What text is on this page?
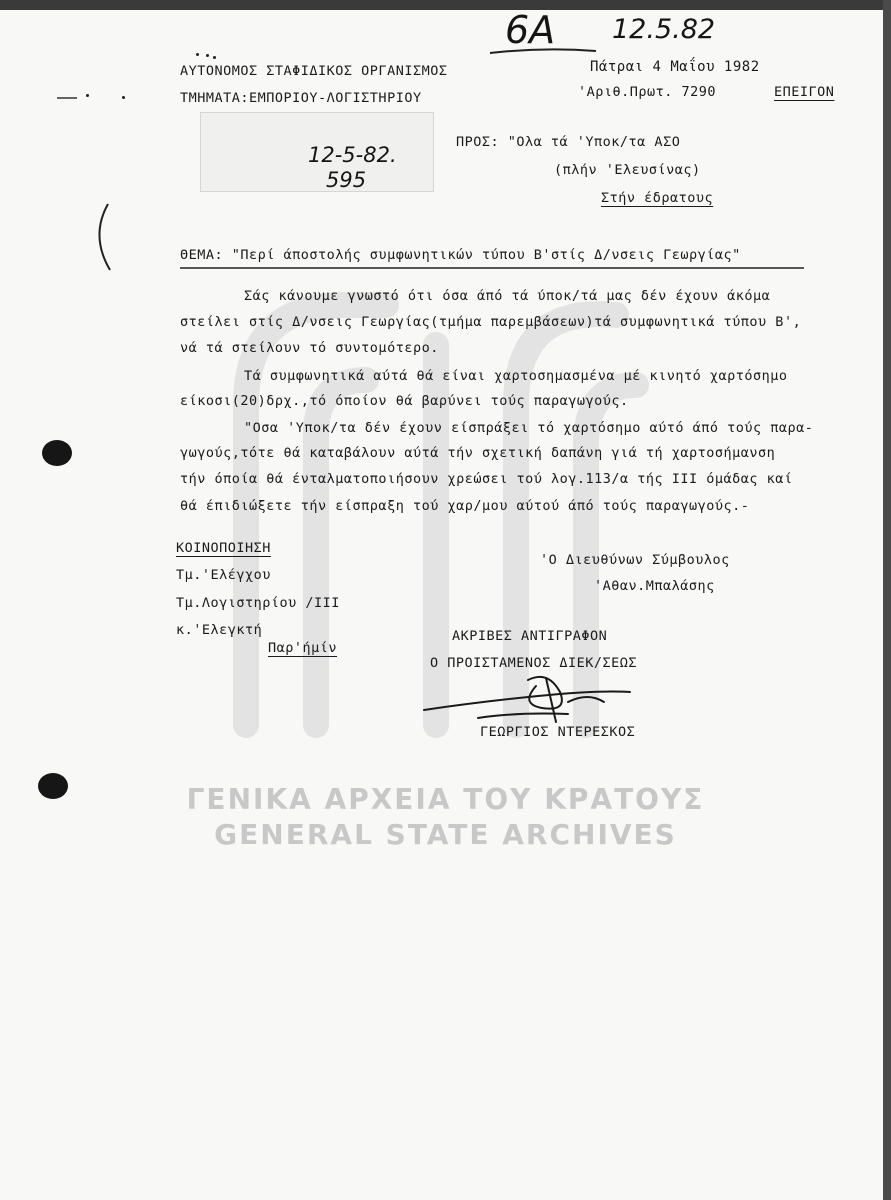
6A 12.5.82
ΑΥΤΟΝΟΜΟΣ ΣΤΑΦΙΔΙΚΟΣ ΟΡΓΑΝΙΣΜΟΣ
ΤΜΗΜΑΤΑ:ΕΜΠΟΡΙΟΥ-ΛΟΓΙΣΤΗΡΙΟΥ
Πάτραι 4 Μαΐου 1982
'Αριθ.Πρωτ. 7290	ΕΠΕΙΓΟΝ
12-5-82.
595
ΠΡΟΣ: "Ολα τά 'Υποκ/τα ΑΣΟ
(πλήν 'Ελευσίνας)
Στήν έδρατους
ΘΕΜΑ: "Περί άποστολής συμφωνητικών τύπου Β'στίς Δ/νσεις Γεωργίας"
Σάς κάνουμε γνωστό ότι όσα άπό τά ύποκ/τά μας δέν έχουν άκόμα
στείλει στίς Δ/νσεις Γεωργίας(τμήμα παρεμβάσεων)τά συμφωνητικά τύπου Β',
νά τά στείλουν τό συντομότερο.
Τά συμφωνητικά αύτά θά είναι χαρτοσημασμένα μέ κινητό χαρτόσημο
είκοσι(20)δρχ.,τό όποίον θά βαρύνει τούς παραγωγούς.
"Οσα 'Υποκ/τα δέν έχουν είσπράξει τό χαρτόσημο αύτό άπό τούς παρα-
γωγούς,τότε θά καταβάλουν αύτά τήν σχετική δαπάνη γιά τή χαρτοσήμανση
τήν όποία θά ένταλματοποιήσουν χρεώσει τού λογ.113/α τής ΙΙΙ όμάδας καί
θά έπιδιώξετε τήν είσπραξη τού χαρ/μου αύτού άπό τούς παραγωγούς.-
ΚΟΙΝΟΠΟΙΗΣΗ
Τμ.'Ελέγχου
Τμ.Λογιστηρίου /ΙΙΙ
κ.'Ελεγκτή
Παρ'ήμίν
'Ο Διευθύνων Σύμβουλος
'Αθαν.Μπαλάσης
ΑΚΡΙΒΕΣ ΑΝΤΙΓΡΑΦΟΝ
Ο ΠΡΟΙΣΤΑΜΕΝΟΣ ΔΙΕΚ/ΣΕΩΣ
ΓΕΩΡΓΙΟΣ ΝΤΕΡΕΣΚΟΣ
ΓΕΝΙΚΑ ΑΡΧΕΙΑ ΤΟΥ ΚΡΑΤΟΥΣ
GENERAL STATE ARCHIVES
